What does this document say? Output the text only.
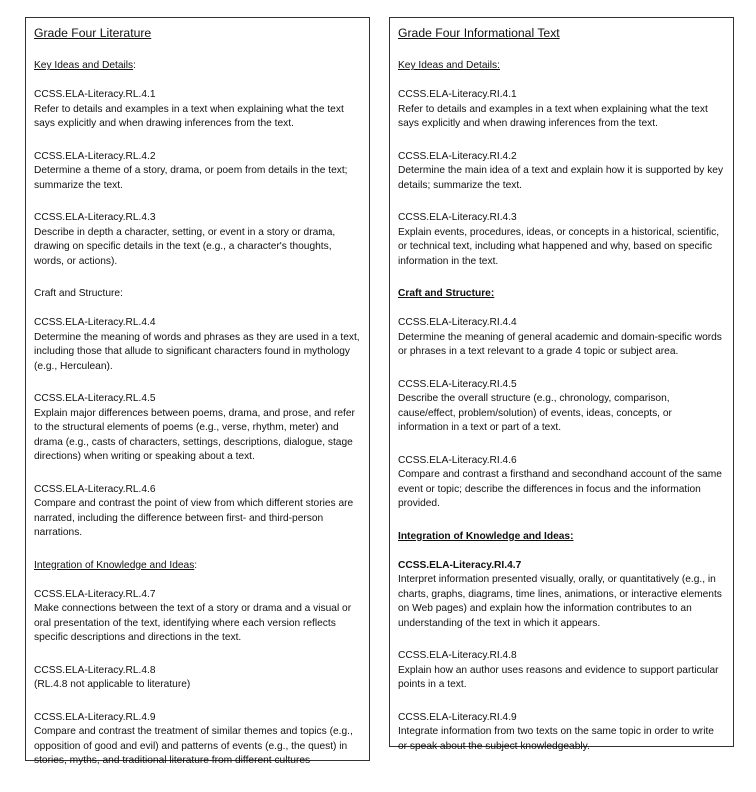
Grade Four Literature
Key Ideas and Details:
CCSS.ELA-Literacy.RL.4.1
Refer to details and examples in a text when explaining what the text says explicitly and when drawing inferences from the text.
CCSS.ELA-Literacy.RL.4.2
Determine a theme of a story, drama, or poem from details in the text; summarize the text.
CCSS.ELA-Literacy.RL.4.3
Describe in depth a character, setting, or event in a story or drama, drawing on specific details in the text (e.g., a character's thoughts, words, or actions).
Craft and Structure:
CCSS.ELA-Literacy.RL.4.4
Determine the meaning of words and phrases as they are used in a text, including those that allude to significant characters found in mythology (e.g., Herculean).
CCSS.ELA-Literacy.RL.4.5
Explain major differences between poems, drama, and prose, and refer to the structural elements of poems (e.g., verse, rhythm, meter) and drama (e.g., casts of characters, settings, descriptions, dialogue, stage directions) when writing or speaking about a text.
CCSS.ELA-Literacy.RL.4.6
Compare and contrast the point of view from which different stories are narrated, including the difference between first- and third-person narrations.
Integration of Knowledge and Ideas:
CCSS.ELA-Literacy.RL.4.7
Make connections between the text of a story or drama and a visual or oral presentation of the text, identifying where each version reflects specific descriptions and directions in the text.
CCSS.ELA-Literacy.RL.4.8
(RL.4.8 not applicable to literature)
CCSS.ELA-Literacy.RL.4.9
Compare and contrast the treatment of similar themes and topics (e.g., opposition of good and evil) and patterns of events (e.g., the quest) in stories, myths, and traditional literature from different cultures
Grade Four Informational Text
Key Ideas and Details:
CCSS.ELA-Literacy.RI.4.1
Refer to details and examples in a text when explaining what the text says explicitly and when drawing inferences from the text.
CCSS.ELA-Literacy.RI.4.2
Determine the main idea of a text and explain how it is supported by key details; summarize the text.
CCSS.ELA-Literacy.RI.4.3
Explain events, procedures, ideas, or concepts in a historical, scientific, or technical text, including what happened and why, based on specific information in the text.
Craft and Structure:
CCSS.ELA-Literacy.RI.4.4
Determine the meaning of general academic and domain-specific words or phrases in a text relevant to a grade 4 topic or subject area.
CCSS.ELA-Literacy.RI.4.5
Describe the overall structure (e.g., chronology, comparison, cause/effect, problem/solution) of events, ideas, concepts, or information in a text or part of a text.
CCSS.ELA-Literacy.RI.4.6
Compare and contrast a firsthand and secondhand account of the same event or topic; describe the differences in focus and the information provided.
Integration of Knowledge and Ideas:
CCSS.ELA-Literacy.RI.4.7
Interpret information presented visually, orally, or quantitatively (e.g., in charts, graphs, diagrams, time lines, animations, or interactive elements on Web pages) and explain how the information contributes to an understanding of the text in which it appears.
CCSS.ELA-Literacy.RI.4.8
Explain how an author uses reasons and evidence to support particular points in a text.
CCSS.ELA-Literacy.RI.4.9
Integrate information from two texts on the same topic in order to write or speak about the subject knowledgeably.
